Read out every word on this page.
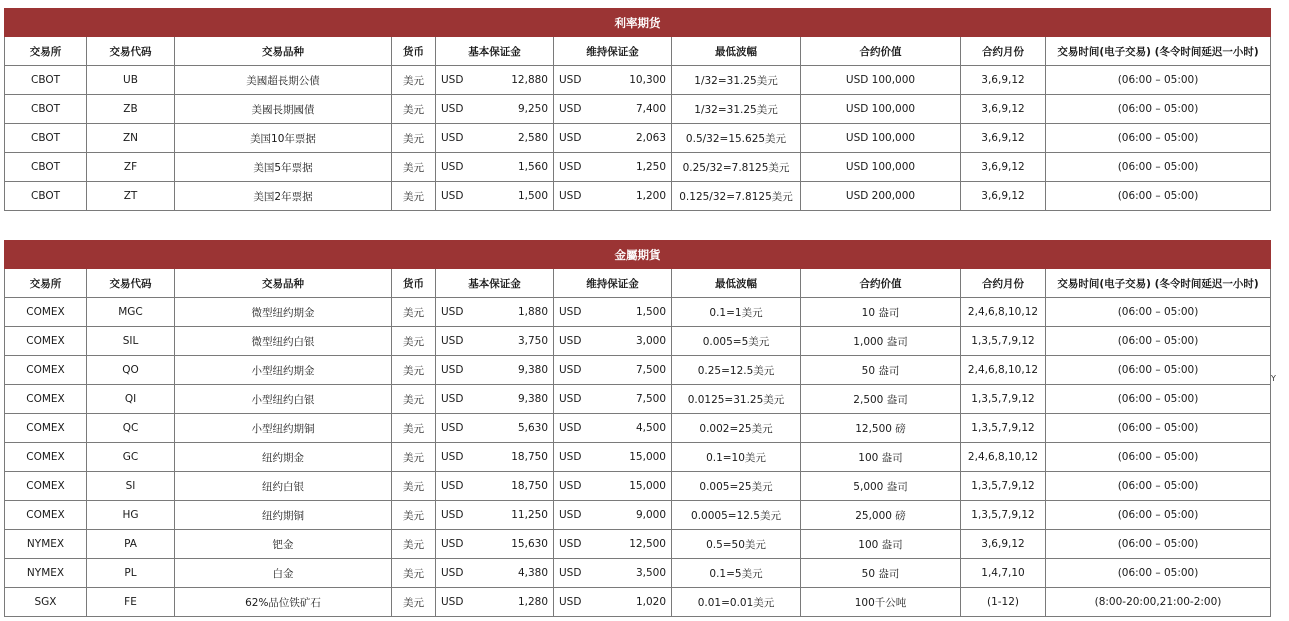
利率期货									
交易所	交易代码	交易品种	货币	基本保证金	维持保证金	最低波幅	合约价值	合约月份	交易时间(电子交易) (冬令时间延迟一小时)
CBOT	UB	美國超長期公債	美元	USD 12,880	USD 10,300	1/32=31.25美元	USD 100,000	3,6,9,12	(06:00 – 05:00)
CBOT	ZB	美國長期國債	美元	USD 9,250	USD 7,400	1/32=31.25美元	USD 100,000	3,6,9,12	(06:00 – 05:00)
CBOT	ZN	美国10年票据	美元	USD 2,580	USD 2,063	0.5/32=15.625美元	USD 100,000	3,6,9,12	(06:00 – 05:00)
CBOT	ZF	美国5年票据	美元	USD 1,560	USD 1,250	0.25/32=7.8125美元	USD 100,000	3,6,9,12	(06:00 – 05:00)
CBOT	ZT	美国2年票据	美元	USD 1,500	USD 1,200	0.125/32=7.8125美元	USD 200,000	3,6,9,12	(06:00 – 05:00)
金屬期貨									
交易所	交易代码	交易品种	货币	基本保证金	维持保证金	最低波幅	合约价值	合约月份	交易时间(电子交易) (冬令时间延迟一小时)
COMEX	MGC	微型纽约期金	美元	USD 1,880	USD 1,500	0.1=1美元	10 盎司	2,4,6,8,10,12	(06:00 – 05:00)
COMEX	SIL	微型纽约白银	美元	USD 3,750	USD 3,000	0.005=5美元	1,000 盎司	1,3,5,7,9,12	(06:00 – 05:00)
COMEX	QO	小型纽约期金	美元	USD 9,380	USD 7,500	0.25=12.5美元	50 盎司	2,4,6,8,10,12	(06:00 – 05:00)
COMEX	QI	小型纽约白银	美元	USD 9,380	USD 7,500	0.0125=31.25美元	2,500 盎司	1,3,5,7,9,12	(06:00 – 05:00)
COMEX	QC	小型纽约期铜	美元	USD 5,630	USD 4,500	0.002=25美元	12,500 磅	1,3,5,7,9,12	(06:00 – 05:00)
COMEX	GC	纽约期金	美元	USD 18,750	USD 15,000	0.1=10美元	100 盎司	2,4,6,8,10,12	(06:00 – 05:00)
COMEX	SI	纽约白银	美元	USD 18,750	USD 15,000	0.005=25美元	5,000 盎司	1,3,5,7,9,12	(06:00 – 05:00)
COMEX	HG	纽约期铜	美元	USD 11,250	USD 9,000	0.0005=12.5美元	25,000 磅	1,3,5,7,9,12	(06:00 – 05:00)
NYMEX	PA	钯金	美元	USD 15,630	USD 12,500	0.5=50美元	100 盎司	3,6,9,12	(06:00 – 05:00)
NYMEX	PL	白金	美元	USD 4,380	USD 3,500	0.1=5美元	50 盎司	1,4,7,10	(06:00 – 05:00)
SGX	FE	62%品位铁矿石	美元	USD 1,280	USD 1,020	0.01=0.01美元	100千公吨	(1-12)	(8:00-20:00,21:00-2:00)
Y
